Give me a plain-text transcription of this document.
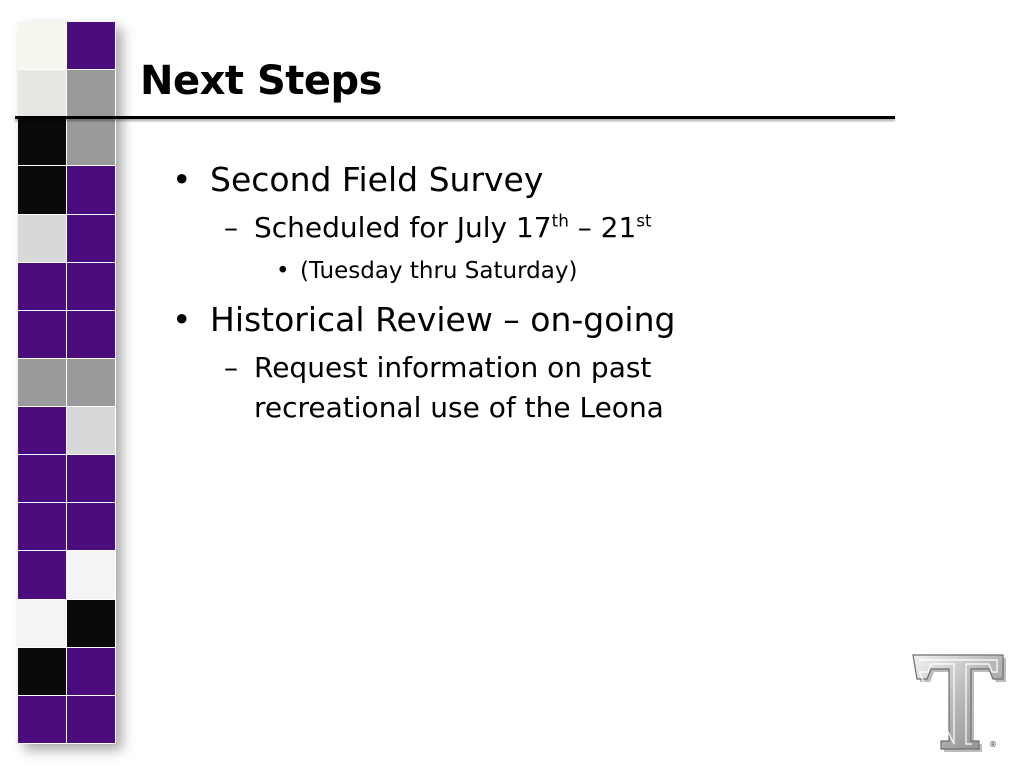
Next Steps
• Second Field Survey
– Scheduled for July 17th – 21st
• (Tuesday thru Saturday)
• Historical Review – on-going
– Request information on past
recreational use of the Leona
®
